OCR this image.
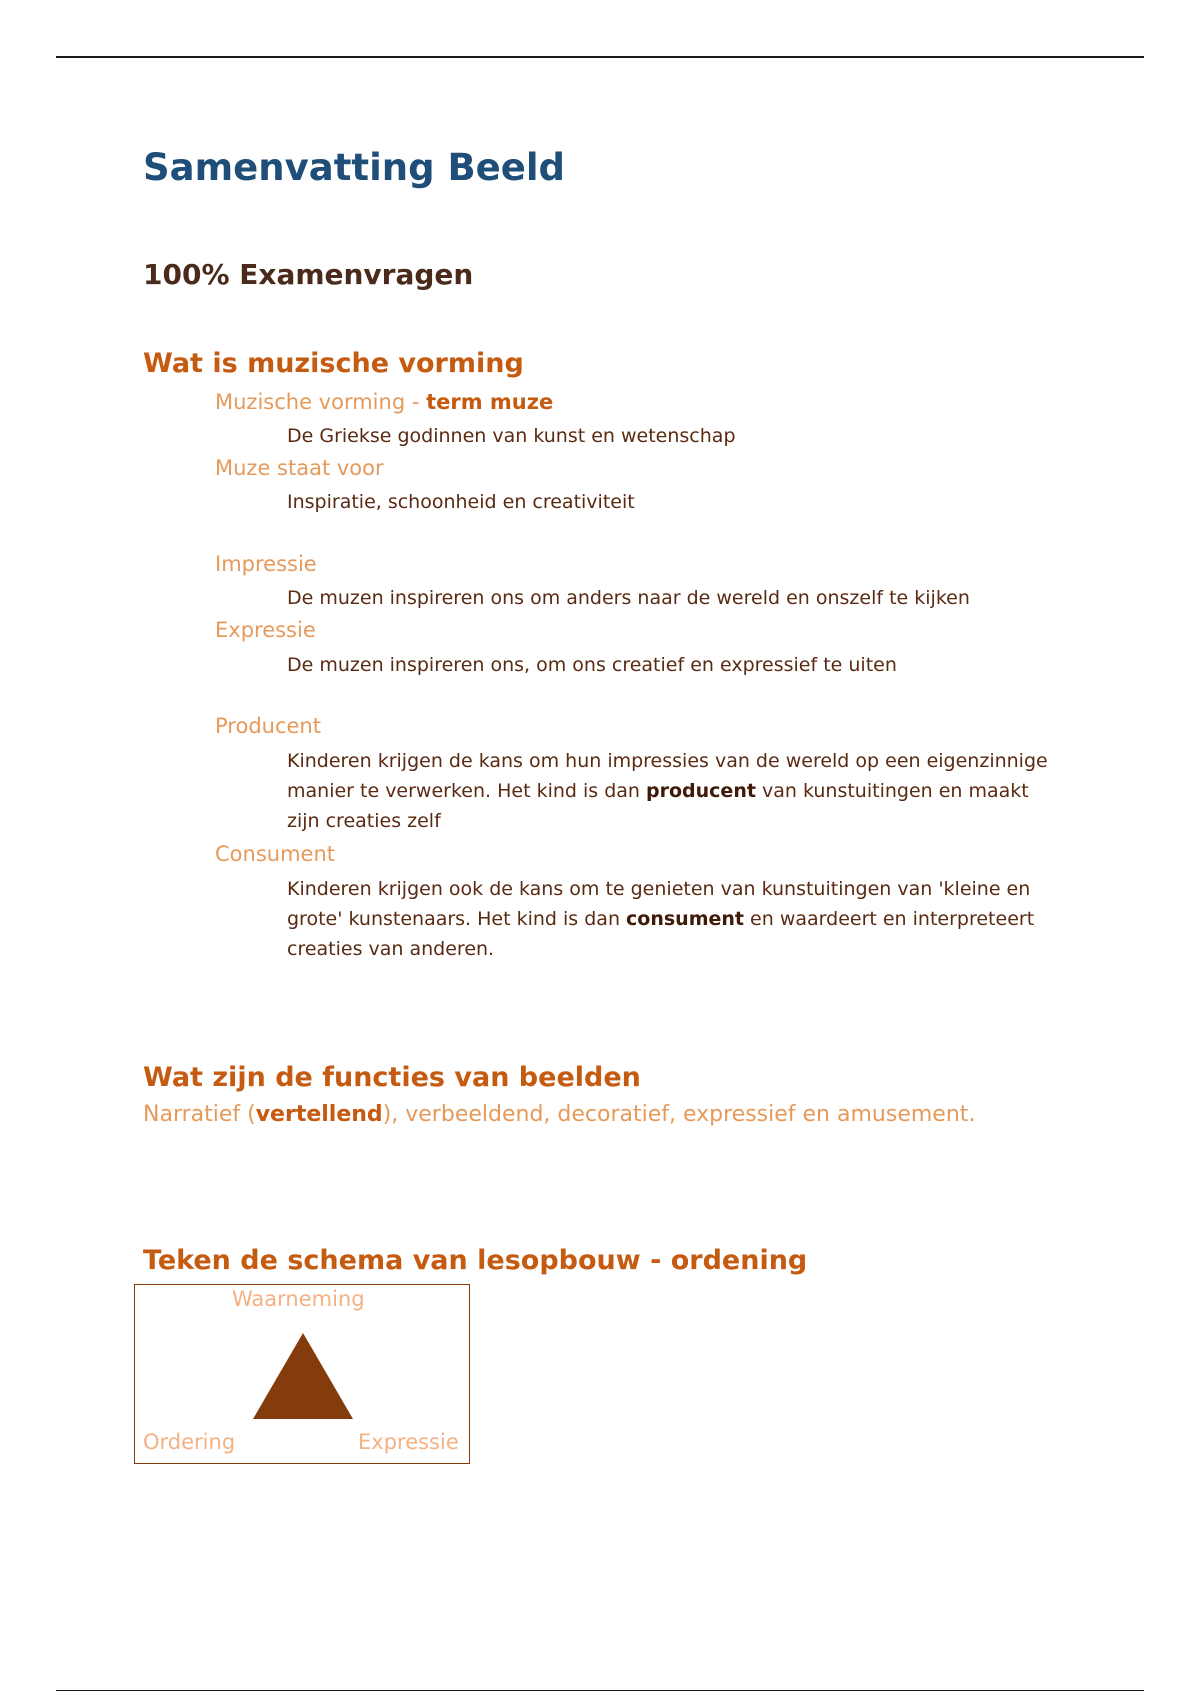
Samenvatting Beeld
100% Examenvragen
Wat is muzische vorming
Muzische vorming - term muze
De Griekse godinnen van kunst en wetenschap
Muze staat voor
Inspiratie, schoonheid en creativiteit
Impressie
De muzen inspireren ons om anders naar de wereld en onszelf te kijken
Expressie
De muzen inspireren ons, om ons creatief en expressief te uiten
Producent
Kinderen krijgen de kans om hun impressies van de wereld op een eigenzinnige manier te verwerken. Het kind is dan producent van kunstuitingen en maakt zijn creaties zelf
Consument
Kinderen krijgen ook de kans om te genieten van kunstuitingen van 'kleine en grote' kunstenaars. Het kind is dan consument en waardeert en interpreteert creaties van anderen.
Wat zijn de functies van beelden
Narratief (vertellend), verbeeldend, decoratief, expressief en amusement.
Teken de schema van lesopbouw - ordening
Waarneming
Ordering	Expressie
